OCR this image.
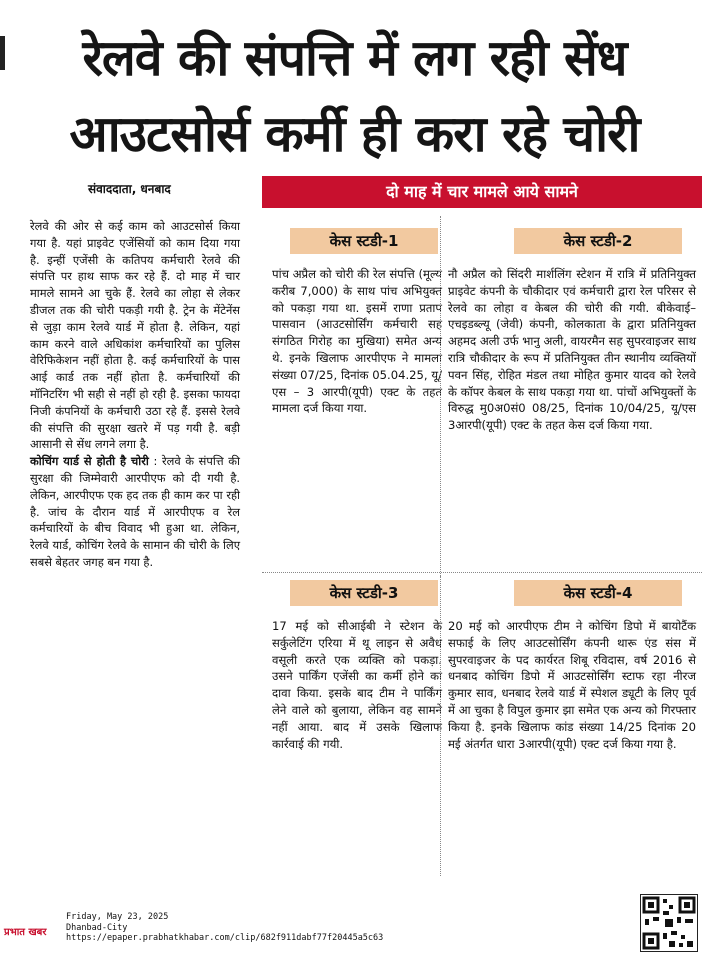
रेलवे की संपत्ति में लग रही सेंध
आउटसोर्स कर्मी ही करा रहे चोरी
संवाददाता, धनबाद

रेलवे की ओर से कई काम को आउटसोर्स किया गया है. यहां प्राइवेट एजेंसियों को काम दिया गया है. इन्हीं एजेंसी के कतिपय कर्मचारी रेलवे की संपत्ति पर हाथ साफ कर रहे हैं. दो माह में चार मामले सामने आ चुके हैं. रेलवे का लोहा से लेकर डीजल तक की चोरी पकड़ी गयी है. ट्रेन के मेंटेनेंस से जुड़ा काम रेलवे यार्ड में होता है. लेकिन, यहां काम करने वाले अधिकांश कर्मचारियों का पुलिस वेरिफिकेशन नहीं होता है. कई कर्मचारियों के पास आई कार्ड तक नहीं होता है. कर्मचारियों की मॉनिटरिंग भी सही से नहीं हो रही है. इसका फायदा निजी कंपनियों के कर्मचारी उठा रहे हैं. इससे रेलवे की संपत्ति की सुरक्षा खतरे में पड़ गयी है. बड़ी आसानी से सेंध लगने लगा है.

कोचिंग यार्ड से होती है चोरी : रेलवे के संपत्ति की सुरक्षा की जिम्मेवारी आरपीएफ को दी गयी है. लेकिन, आरपीएफ एक हद तक ही काम कर पा रही है. जांच के दौरान यार्ड में आरपीएफ व रेल कर्मचारियों के बीच विवाद भी हुआ था. लेकिन, रेलवे यार्ड, कोचिंग रेलवे के सामान की चोरी के लिए सबसे बेहतर जगह बन गया है.

दो माह में चार मामले आये सामने
केस स्टडी-1
पांच अप्रैल को चोरी की रेल संपत्ति (मूल्य करीब 7,000) के साथ पांच अभियुक्त को पकड़ा गया था. इसमें राणा प्रताप पासवान (आउटसोर्सिंग कर्मचारी सह संगठित गिरोह का मुखिया) समेत अन्य थे. इनके खिलाफ आरपीएफ ने मामला संख्या 07/25, दिनांक 05.04.25, यू/एस – 3 आरपी(यूपी) एक्ट के तहत मामला दर्ज किया गया.
केस स्टडी-2
नौ अप्रैल को सिंदरी मार्शलिंग स्टेशन में रात्रि में प्रतिनियुक्त प्राइवेट कंपनी के चौकीदार एवं कर्मचारी द्वारा रेल परिसर से रेलवे का लोहा व केबल की चोरी की गयी. बीकेवाई–एचइडब्ल्यू (जेवी) कंपनी, कोलकाता के द्वारा प्रतिनियुक्त अहमद अली उर्फ भानु अली, वायरमैन सह सुपरवाइजर साथ रात्रि चौकीदार के रूप में प्रतिनियुक्त तीन स्थानीय व्यक्तियों पवन सिंह, रोहित मंडल तथा मोहित कुमार यादव को रेलवे के कॉपर केबल के साथ पकड़ा गया था. पांचों अभियुक्तों के विरुद्ध मु0अ0सं0 08/25, दिनांक 10/04/25, यू/एस 3आरपी(यूपी) एक्ट के तहत केस दर्ज किया गया.
केस स्टडी-3
17 मई को सीआईबी ने स्टेशन के सर्कुलेटिंग एरिया में थू लाइन से अवैध वसूली करते एक व्यक्ति को पकड़ा. उसने पार्किंग एजेंसी का कर्मी होने का दावा किया. इसके बाद टीम ने पार्किंग लेने वाले को बुलाया, लेकिन वह सामने नहीं आया. बाद में उसके खिलाफ कार्रवाई की गयी.
केस स्टडी-4
20 मई को आरपीएफ टीम ने कोचिंग डिपो में बायोटैंक सफाई के लिए आउटसोर्सिंग कंपनी थारू एंड संस में सुपरवाइजर के पद कार्यरत शिबू रविदास, वर्ष 2016 से धनबाद कोचिंग डिपो में आउटसोर्सिंग स्टाफ रहा नीरज कुमार साव, धनबाद रेलवे यार्ड में स्पेशल ड्यूटी के लिए पूर्व में आ चुका है विपुल कुमार झा समेत एक अन्य को गिरफ्तार किया है. इनके खिलाफ कांड संख्या 14/25 दिनांक 20 मई अंतर्गत धारा 3आरपी(यूपी) एक्ट दर्ज किया गया है.
प्रभात खबर
Friday, May 23, 2025
Dhanbad-City
https://epaper.prabhatkhabar.com/clip/682f911dabf77f20445a5c63
